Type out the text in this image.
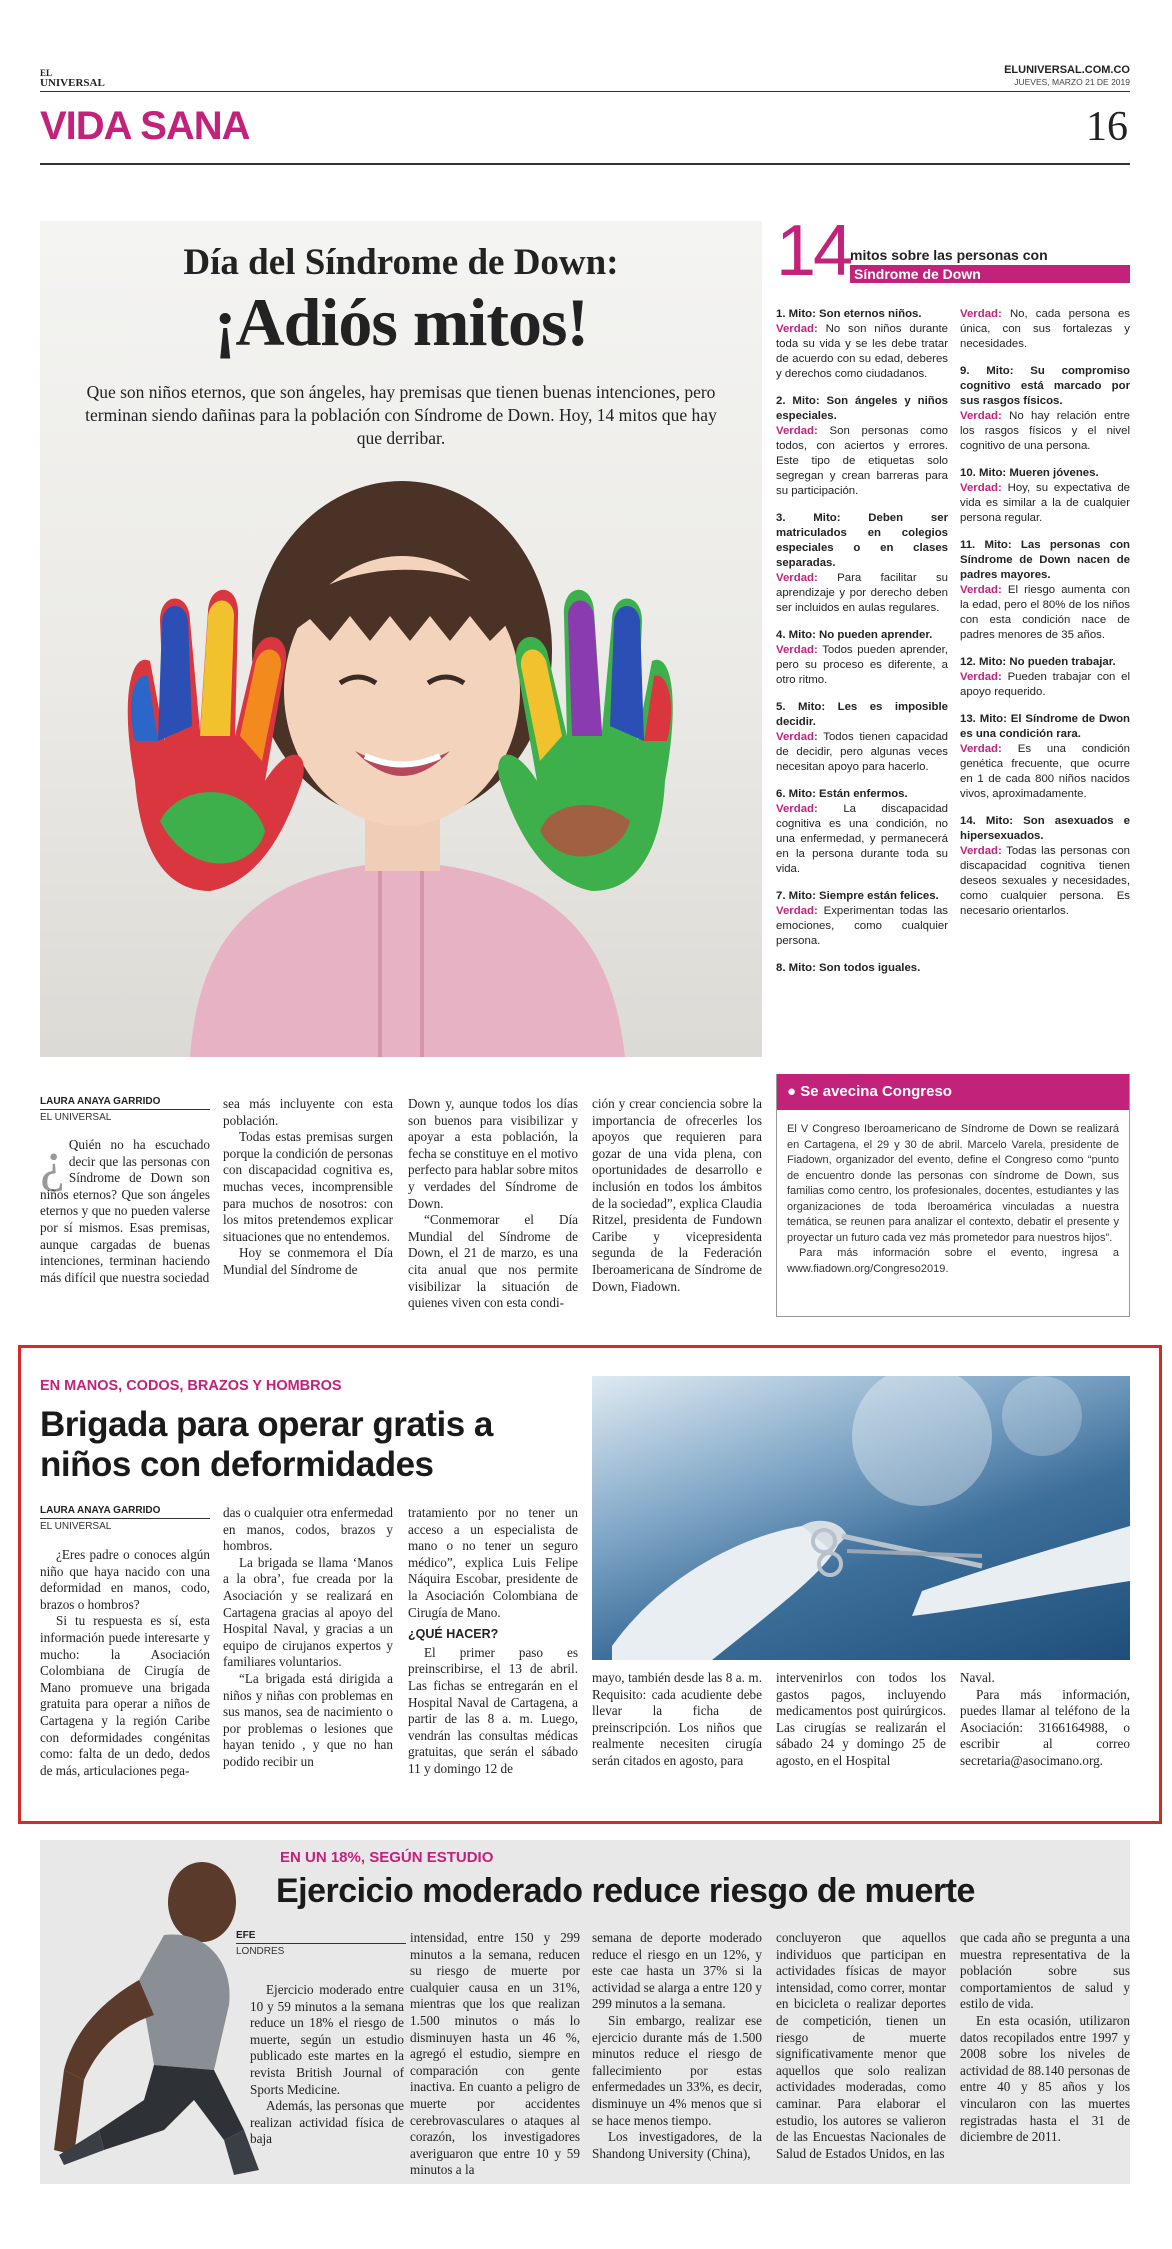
EL
UNIVERSAL
ELUNIVERSAL.COM.CO
JUEVES, MARZO 21 DE 2019
VIDA SANA	16
Día del Síndrome de Down:
¡Adiós mitos!
Que son niños eternos, que son ángeles, hay premisas que tienen buenas intenciones, pero terminan siendo dañinas para la población con Síndrome de Down. Hoy, 14 mitos que hay que derribar.
14 mitos sobre las personas con
Síndrome de Down
1. Mito: Son eternos niños.
Verdad: No son niños durante toda su vida y se les debe tratar de acuerdo con su edad, deberes y derechos como ciudadanos.
2. Mito: Son ángeles y niños especiales.
Verdad: Son personas como todos, con aciertos y errores. Este tipo de etiquetas solo segregan y crean barreras para su participación.
3. Mito: Deben ser matriculados en colegios especiales o en clases separadas.
Verdad: Para facilitar su aprendizaje y por derecho deben ser incluidos en aulas regulares.
4. Mito: No pueden aprender.
Verdad: Todos pueden aprender, pero su proceso es diferente, a otro ritmo.
5. Mito: Les es imposible decidir.
Verdad: Todos tienen capacidad de decidir, pero algunas veces necesitan apoyo para hacerlo.
6. Mito: Están enfermos.
Verdad: La discapacidad cognitiva es una condición, no una enfermedad, y permanecerá en la persona durante toda su vida.
7. Mito: Siempre están felices.
Verdad: Experimentan todas las emociones, como cualquier persona.
8. Mito: Son todos iguales.

Verdad: No, cada persona es única, con sus fortalezas y necesidades.
9. Mito: Su compromiso cognitivo está marcado por sus rasgos físicos.
Verdad: No hay relación entre los rasgos físicos y el nivel cognitivo de una persona.
10. Mito: Mueren jóvenes.
Verdad: Hoy, su expectativa de vida es similar a la de cualquier persona regular.
11. Mito: Las personas con Síndrome de Down nacen de padres mayores.
Verdad: El riesgo aumenta con la edad, pero el 80% de los niños con esta condición nace de padres menores de 35 años.
12. Mito: No pueden trabajar.
Verdad: Pueden trabajar con el apoyo requerido.
13. Mito: El Síndrome de Dwon es una condición rara.
Verdad: Es una condición genética frecuente, que ocurre en 1 de cada 800 niños nacidos vivos, aproximadamente.
14. Mito: Son asexuados e hipersexuados.
Verdad: Todas las personas con discapacidad cognitiva tienen deseos sexuales y necesidades, como cualquier persona. Es necesario orientarlos.
LAURA ANAYA GARRIDO
EL UNIVERSAL
¿ Quién no ha escuchado decir que las personas con Síndrome de Down son niños eternos? Que son ángeles eternos y que no pueden valerse por sí mismos. Esas premisas, aunque cargadas de buenas intenciones, terminan haciendo más difícil que nuestra sociedad

sea más incluyente con esta población.

Todas estas premisas surgen porque la condición de personas con discapacidad cognitiva es, muchas veces, incomprensible para muchos de nosotros: con los mitos pretendemos explicar situaciones que no entendemos.

Hoy se conmemora el Día Mundial del Síndrome de

Down y, aunque todos los días son buenos para visibilizar y apoyar a esta población, la fecha se constituye en el motivo perfecto para hablar sobre mitos y verdades del Síndrome de Down.

“Conmemorar el Día Mundial del Síndrome de Down, el 21 de marzo, es una cita anual que nos permite visibilizar la situación de quienes viven con esta condi-

ción y crear conciencia sobre la importancia de ofrecerles los apoyos que requieren para gozar de una vida plena, con oportunidades de desarrollo e inclusión en todos los ámbitos de la sociedad”, explica Claudia Ritzel, presidenta de Fundown Caribe y vicepresidenta segunda de la Federación Iberoamericana de Síndrome de Down, Fiadown.

● Se avecina Congreso

El V Congreso Iberoamericano de Síndrome de Down se realizará en Cartagena, el 29 y 30 de abril. Marcelo Varela, presidente de Fiadown, organizador del evento, define el Congreso como “punto de encuentro donde las personas con síndrome de Down, sus familias como centro, los profesionales, docentes, estudiantes y las organizaciones de toda Iberoamérica vinculadas a nuestra temática, se reunen para analizar el contexto, debatir el presente y proyectar un futuro cada vez más prometedor para nuestros hijos”.

Para más información sobre el evento, ingresa a www.fiadown.org/Congreso2019.

EN MANOS, CODOS, BRAZOS Y HOMBROS
Brigada para operar gratis a
niños con deformidades
LAURA ANAYA GARRIDO
EL UNIVERSAL

¿Eres padre o conoces algún niño que haya nacido con una deformidad en manos, codo, brazos o hombros?

Si tu respuesta es sí, esta información puede interesarte y mucho: la Asociación Colombiana de Cirugía de Mano promueve una brigada gratuita para operar a niños de Cartagena y la región Caribe con deformidades congénitas como: falta de un dedo, dedos de más, articulaciones pega-

das o cualquier otra enfermedad en manos, codos, brazos y hombros.

La brigada se llama ‘Manos a la obra’, fue creada por la Asociación y se realizará en Cartagena gracias al apoyo del Hospital Naval, y gracias a un equipo de cirujanos expertos y familiares voluntarios.

“La brigada está dirigida a niños y niñas con problemas en sus manos, sea de nacimiento o por problemas o lesiones que hayan tenido , y que no han podido recibir un

tratamiento por no tener un acceso a un especialista de mano o no tener un seguro médico”, explica Luis Felipe Náquira Escobar, presidente de la Asociación Colombiana de Cirugía de Mano.

¿QUÉ HACER?

El primer paso es preinscribirse, el 13 de abril. Las fichas se entregarán en el Hospital Naval de Cartagena, a partir de las 8 a. m. Luego, vendrán las consultas médicas gratuitas, que serán el sábado 11 y domingo 12 de

mayo, también desde las 8 a. m. Requisito: cada acudiente debe llevar la ficha de preinscripción. Los niños que realmente necesiten cirugía serán citados en agosto, para

intervenirlos con todos los gastos pagos, incluyendo medicamentos post quirúrgicos. Las cirugías se realizarán el sábado 24 y domingo 25 de agosto, en el Hospital

Naval.

Para más información, puedes llamar al teléfono de la Asociación: 3166164988, o escribir al correo secretaria@asocimano.org.

EN UN 18%, SEGÚN ESTUDIO
Ejercicio moderado reduce riesgo de muerte
EFE
LONDRES

Ejercicio moderado entre 10 y 59 minutos a la semana reduce un 18% el riesgo de muerte, según un estudio publicado este martes en la revista British Journal of Sports Medicine.

Además, las personas que realizan actividad física de baja

intensidad, entre 150 y 299 minutos a la semana, reducen su riesgo de muerte por cualquier causa en un 31%, mientras que los que realizan 1.500 minutos o más lo disminuyen hasta un 46 %, agregó el estudio, siempre en comparación con gente inactiva. En cuanto a peligro de muerte por accidentes cerebrovasculares o ataques al corazón, los investigadores averiguaron que entre 10 y 59 minutos a la

semana de deporte moderado reduce el riesgo en un 12%, y este cae hasta un 37% si la actividad se alarga a entre 120 y 299 minutos a la semana.

Sin embargo, realizar ese ejercicio durante más de 1.500 minutos reduce el riesgo de fallecimiento por estas enfermedades un 33%, es decir, disminuye un 4% menos que si se hace menos tiempo.

Los investigadores, de la Shandong University (China),

concluyeron que aquellos individuos que participan en actividades físicas de mayor intensidad, como correr, montar en bicicleta o realizar deportes de competición, tienen un riesgo de muerte significativamente menor que aquellos que solo realizan actividades moderadas, como caminar. Para elaborar el estudio, los autores se valieron de las Encuestas Nacionales de Salud de Estados Unidos, en las

que cada año se pregunta a una muestra representativa de la población sobre sus comportamientos de salud y estilo de vida.

En esta ocasión, utilizaron datos recopilados entre 1997 y 2008 sobre los niveles de actividad de 88.140 personas de entre 40 y 85 años y los vincularon con las muertes registradas hasta el 31 de diciembre de 2011.
